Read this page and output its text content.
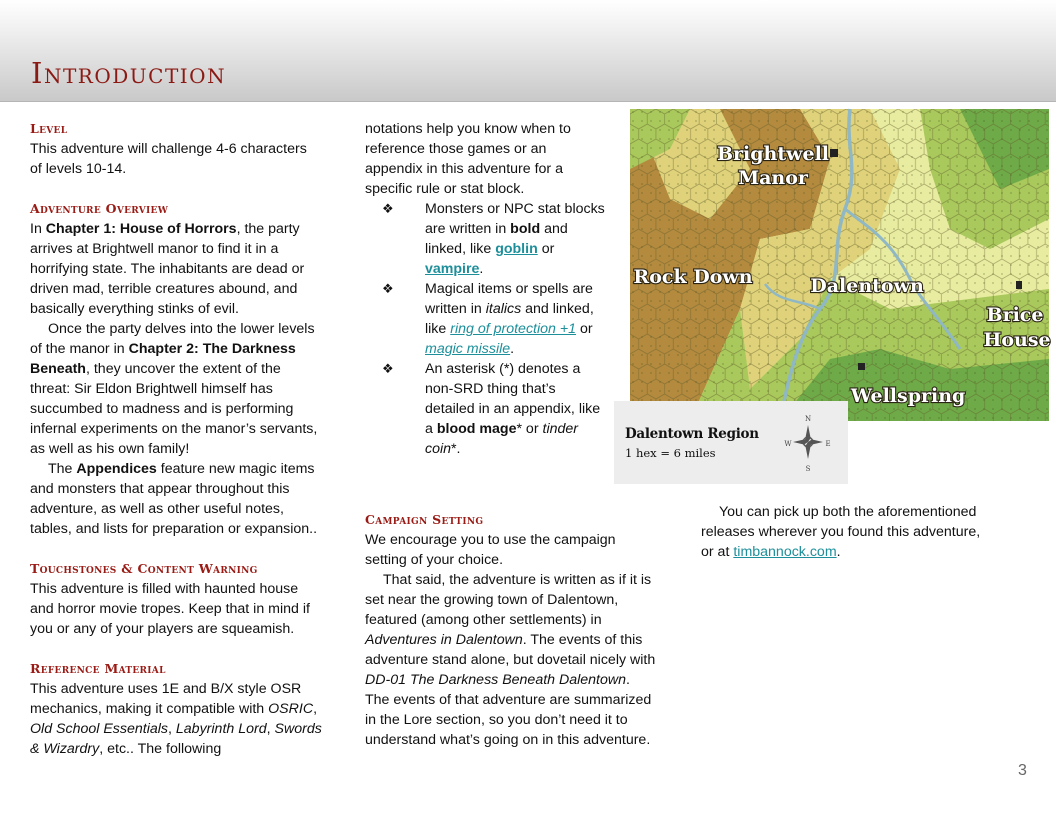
Introduction

Level

This adventure will challenge 4-6 characters of levels 10-14.

Adventure Overview

In Chapter 1: House of Horrors, the party arrives at Brightwell manor to find it in a horrifying state. The inhabitants are dead or driven mad, terrible creatures abound, and basically everything stinks of evil.

Once the party delves into the lower levels of the manor in Chapter 2: The Darkness Beneath, they uncover the extent of the threat: Sir Eldon Brightwell himself has succumbed to madness and is performing infernal experiments on the manor’s servants, as well as his own family!

The Appendices feature new magic items and monsters that appear throughout this adventure, as well as other useful notes, tables, and lists for preparation or expansion..

Touchstones & Content Warning

This adventure is filled with haunted house and horror movie tropes. Keep that in mind if you or any of your players are squeamish.

Reference Material

This adventure uses 1E and B/X style OSR mechanics, making it compatible with OSRIC, Old School Essentials, Labyrinth Lord, Swords & Wizardry, etc.. The following

notations help you know when to reference those games or an appendix in this adventure for a specific rule or stat block.

❖ Monsters or NPC stat blocks are written in bold and linked, like goblin or vampire.
❖ Magical items or spells are written in italics and linked, like ring of protection +1 or magic missile.
❖ An asterisk (*) denotes a non-SRD thing that’s detailed in an appendix, like a blood mage* or tinder coin*.

Campaign Setting

We encourage you to use the campaign setting of your choice.

That said, the adventure is written as if it is set near the growing town of Dalentown, featured (among other settlements) in Adventures in Dalentown. The events of this adventure stand alone, but dovetail nicely with DD-01 The Darkness Beneath Dalentown. The events of that adventure are summarized in the Lore section, so you don’t need it to understand what’s going on in this adventure.

You can pick up both the aforementioned releases wherever you found this adventure, or at timbannock.com.

Brightwell
Manor
Rock Down	Dalentown
Brice
House
Wellspring
Dalentown Region
1 hex = 6 miles
N
S
E
W
3
